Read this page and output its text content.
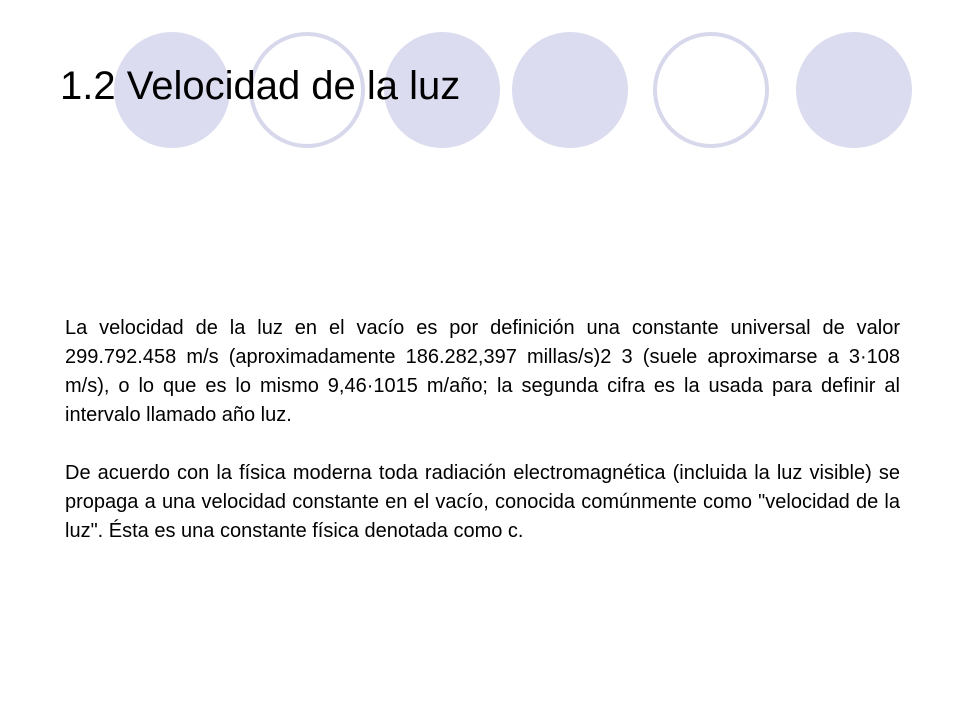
1.2 Velocidad de la luz

La velocidad de la luz en el vacío es por definición una constante universal de valor 299.792.458 m/s (aproximadamente 186.282,397 millas/s)2 3 (suele aproximarse a 3·108 m/s), o lo que es lo mismo 9,46·1015 m/año; la segunda cifra es la usada para definir al intervalo llamado año luz.

De acuerdo con la física moderna toda radiación electromagnética (incluida la luz visible) se propaga a una velocidad constante en el vacío, conocida comúnmente como "velocidad de la luz". Ésta es una constante física denotada como c.
